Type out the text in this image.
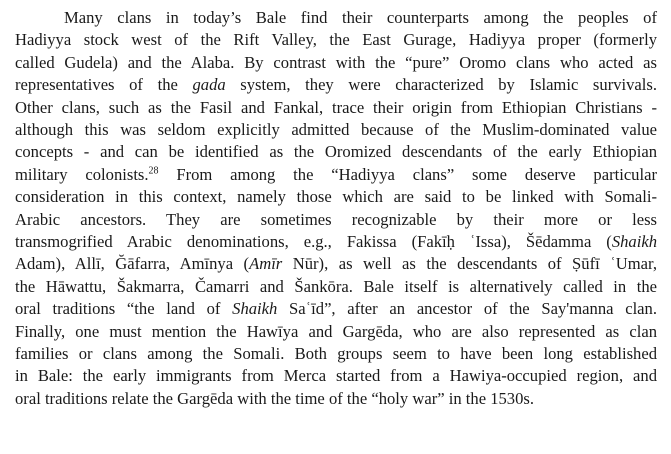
Many clans in today’s Bale find their counterparts among the peoples of
Hadiyya stock west of the Rift Valley, the East Gurage, Hadiyya proper (formerly
called Gudela) and the Alaba. By contrast with the “pure” Oromo clans who acted as
representatives of the gada system, they were characterized by Islamic survivals.
Other clans, such as the Fasil and Fankal, trace their origin from Ethiopian Christians -
although this was seldom explicitly admitted because of the Muslim-dominated value
concepts - and can be identified as the Oromized descendants of the early Ethiopian
military colonists.$^{28}$ From among the “Hadiyya clans” some deserve particular
consideration in this context, namely those which are said to be linked with Somali-
Arabic ancestors. They are sometimes recognizable by their more or less
transmogrified Arabic denominations, e.g., Fakissa (Fakīḥ ʿIssa), Šēdamma (Shaikh
Adam), Allī, Ğāfarra, Amīnya (Amīr Nūr), as well as the descendants of Ṣūfī ʿUmar,
the Hāwattu, Šakmarra, Čamarri and Šankōra. Bale itself is alternatively called in the
oral traditions “the land of Shaikh Saʿīd”, after an ancestor of the Say'manna clan.
Finally, one must mention the Hawīya and Gargēda, who are also represented as clan
families or clans among the Somali. Both groups seem to have been long established
in Bale: the early immigrants from Merca started from a Hawiya-occupied region, and
oral traditions relate the Gargēda with the time of the “holy war” in the 1530s.
